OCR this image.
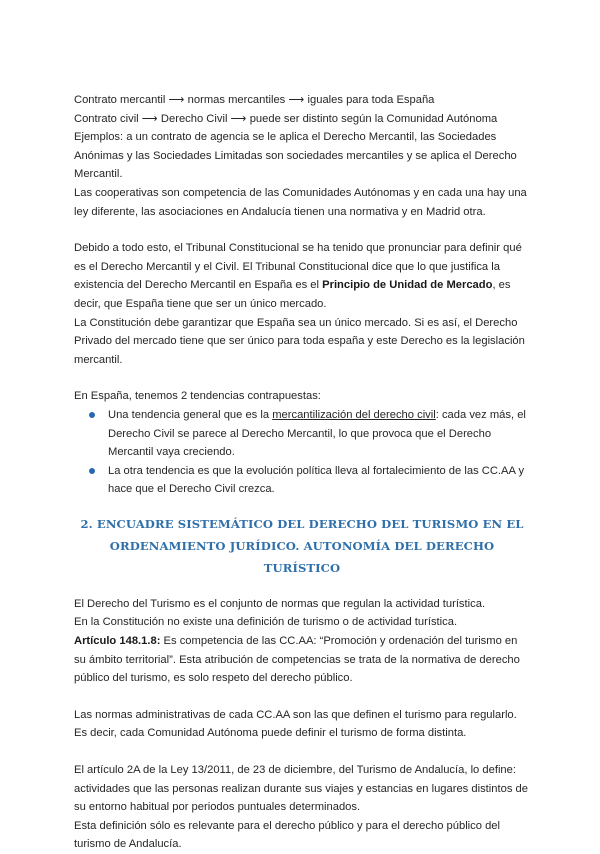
Contrato mercantil ⟶ normas mercantiles ⟶ iguales para toda España

Contrato civil ⟶ Derecho Civil ⟶ puede ser distinto según la Comunidad Autónoma

Ejemplos: a un contrato de agencia se le aplica el Derecho Mercantil, las Sociedades Anónimas y las Sociedades Limitadas son sociedades mercantiles y se aplica el Derecho Mercantil.

Las cooperativas son competencia de las Comunidades Autónomas y en cada una hay una ley diferente, las asociaciones en Andalucía tienen una normativa y en Madrid otra.

Debido a todo esto, el Tribunal Constitucional se ha tenido que pronunciar para definir qué es el Derecho Mercantil y el Civil. El Tribunal Constitucional dice que lo que justifica la existencia del Derecho Mercantil en España es el Principio de Unidad de Mercado, es decir, que España tiene que ser un único mercado.

La Constitución debe garantizar que España sea un único mercado. Si es así, el Derecho Privado del mercado tiene que ser único para toda españa y este Derecho es la legislación mercantil.

En España, tenemos 2 tendencias contrapuestas:

Una tendencia general que es la mercantilización del derecho civil: cada vez más, el Derecho Civil se parece al Derecho Mercantil, lo que provoca que el Derecho Mercantil vaya creciendo.
La otra tendencia es que la evolución política lleva al fortalecimiento de las CC.AA y hace que el Derecho Civil crezca.
2. ENCUADRE SISTEMÁTICO DEL DERECHO DEL TURISMO EN EL ORDENAMIENTO JURÍDICO. AUTONOMÍA DEL DERECHO TURÍSTICO

El Derecho del Turismo es el conjunto de normas que regulan la actividad turística.

En la Constitución no existe una definición de turismo o de actividad turística.

Artículo 148.1.8: Es competencia de las CC.AA: “Promoción y ordenación del turismo en su ámbito territorial”. Esta atribución de competencias se trata de la normativa de derecho público del turismo, es solo respeto del derecho público.

Las normas administrativas de cada CC.AA son las que definen el turismo para regularlo. Es decir, cada Comunidad Autónoma puede definir el turismo de forma distinta.

El artículo 2A de la Ley 13/2011, de 23 de diciembre, del Turismo de Andalucía, lo define: actividades que las personas realizan durante sus viajes y estancias en lugares distintos de su entorno habitual por periodos puntuales determinados.

Esta definición sólo es relevante para el derecho público y para el derecho público del turismo de Andalucía.
